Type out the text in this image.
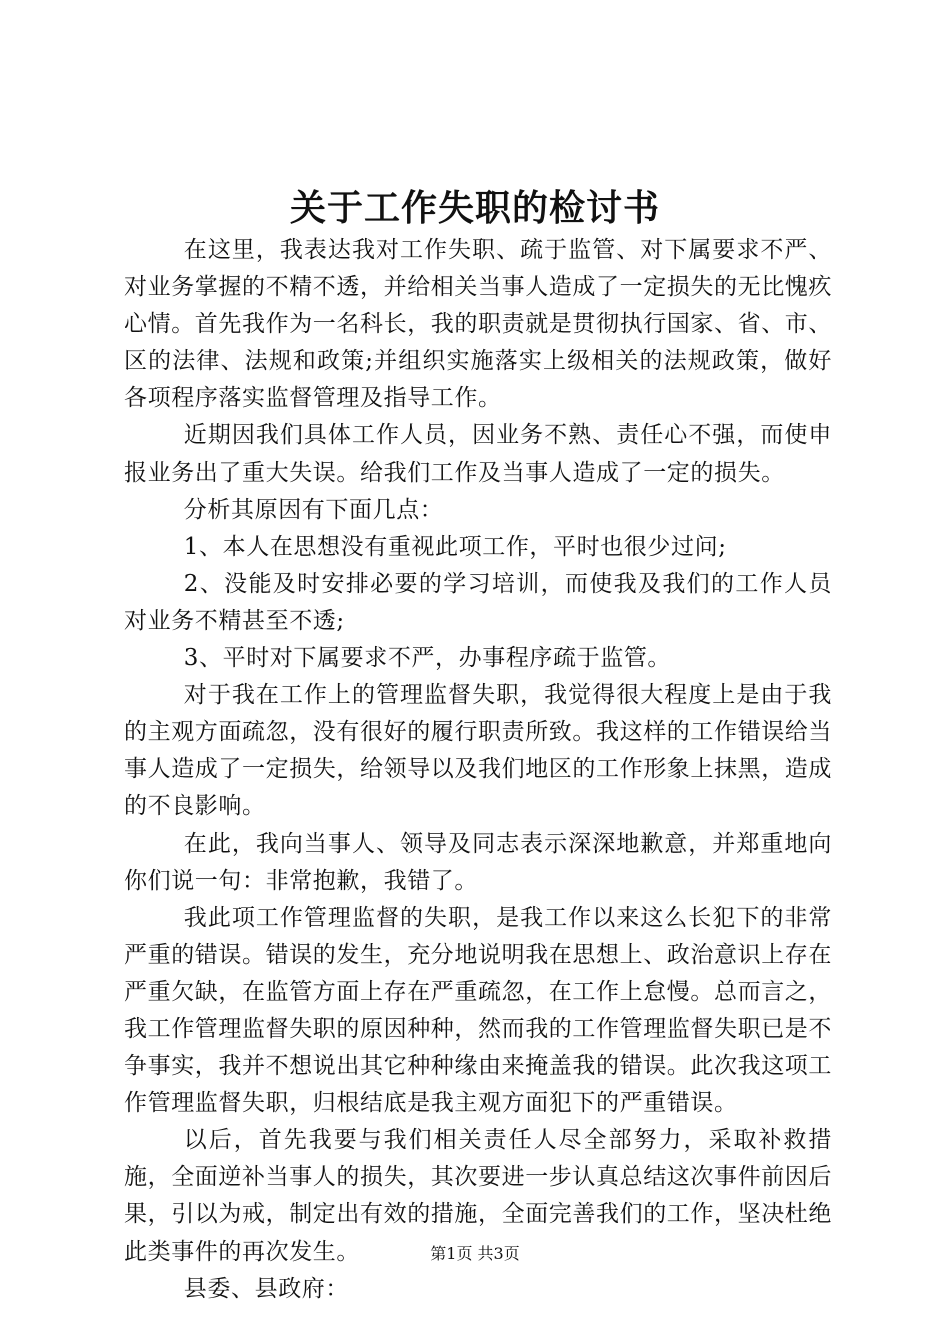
关于工作失职的检讨书

在这里，我表达我对工作失职、疏于监管、对下属要求不严、对业务掌握的不精不透，并给相关当事人造成了一定损失的无比愧疚心情。首先我作为一名科长，我的职责就是贯彻执行国家、省、市、区的法律、法规和政策;并组织实施落实上级相关的法规政策，做好各项程序落实监督管理及指导工作。

近期因我们具体工作人员，因业务不熟、责任心不强，而使申报业务出了重大失误。给我们工作及当事人造成了一定的损失。

分析其原因有下面几点：

1、本人在思想没有重视此项工作，平时也很少过问;

2、没能及时安排必要的学习培训，而使我及我们的工作人员对业务不精甚至不透;

3、平时对下属要求不严，办事程序疏于监管。

对于我在工作上的管理监督失职，我觉得很大程度上是由于我的主观方面疏忽，没有很好的履行职责所致。我这样的工作错误给当事人造成了一定损失，给领导以及我们地区的工作形象上抹黑，造成的不良影响。

在此，我向当事人、领导及同志表示深深地歉意，并郑重地向你们说一句：非常抱歉，我错了。

我此项工作管理监督的失职，是我工作以来这么长犯下的非常严重的错误。错误的发生，充分地说明我在思想上、政治意识上存在严重欠缺，在监管方面上存在严重疏忽，在工作上怠慢。总而言之，我工作管理监督失职的原因种种，然而我的工作管理监督失职已是不争事实，我并不想说出其它种种缘由来掩盖我的错误。此次我这项工作管理监督失职，归根结底是我主观方面犯下的严重错误。

以后，首先我要与我们相关责任人尽全部努力，采取补救措施，全面逆补当事人的损失，其次要进一步认真总结这次事件前因后果，引以为戒，制定出有效的措施，全面完善我们的工作，坚决杜绝此类事件的再次发生。

县委、县政府：

第1页 共3页
